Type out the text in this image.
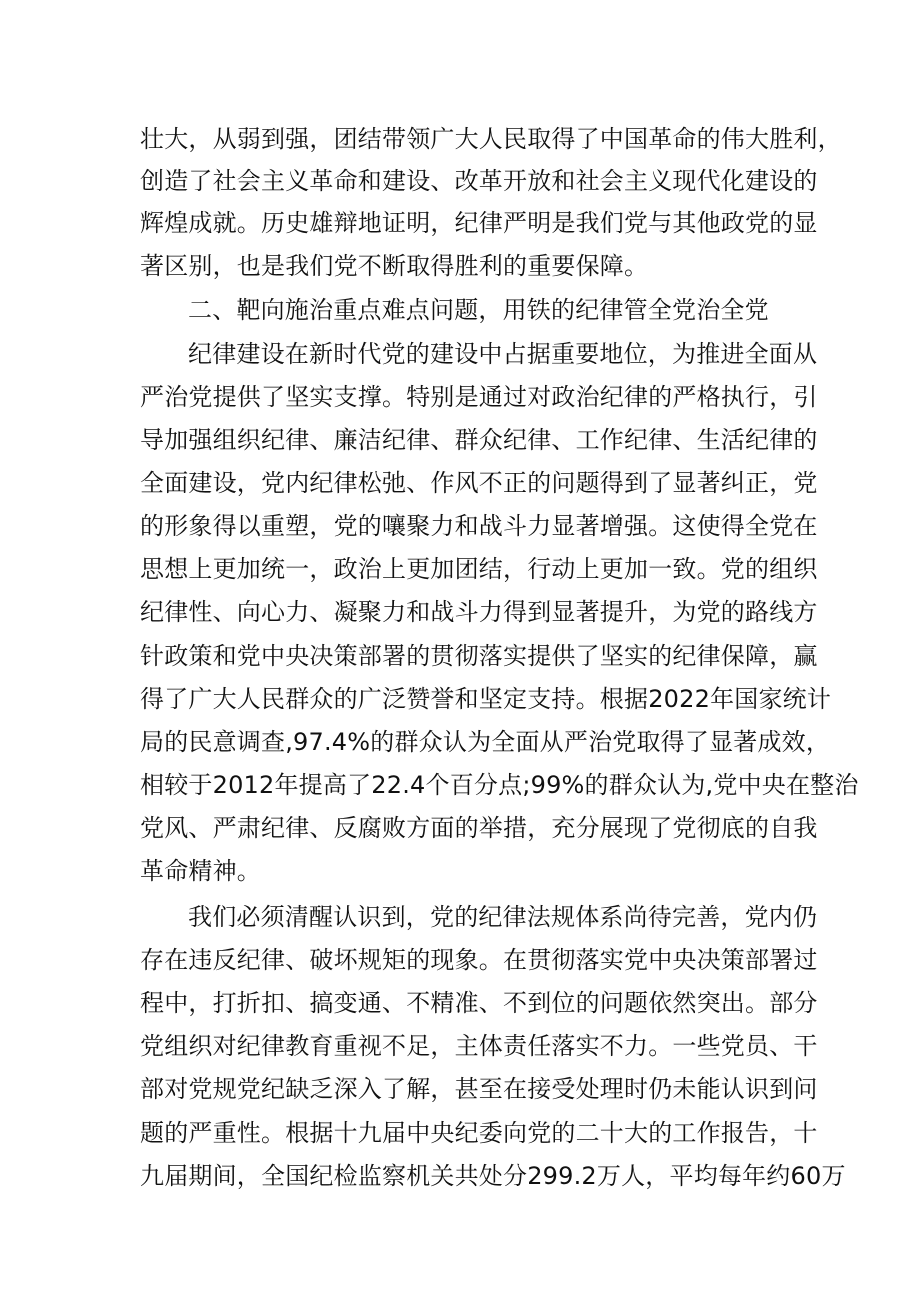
壮大，从弱到强，团结带领广大人民取得了中国革命的伟大胜利，
创造了社会主义革命和建设、改革开放和社会主义现代化建设的
辉煌成就。历史雄辩地证明，纪律严明是我们党与其他政党的显
著区别，也是我们党不断取得胜利的重要保障。
二、靶向施治重点难点问题，用铁的纪律管全党治全党
纪律建设在新时代党的建设中占据重要地位，为推进全面从
严治党提供了坚实支撑。特别是通过对政治纪律的严格执行，引
导加强组织纪律、廉洁纪律、群众纪律、工作纪律、生活纪律的
全面建设，党内纪律松弛、作风不正的问题得到了显著纠正，党
的形象得以重塑，党的嚷聚力和战斗力显著增强。这使得全党在
思想上更加统一，政治上更加团结，行动上更加一致。党的组织
纪律性、向心力、凝聚力和战斗力得到显著提升，为党的路线方
针政策和党中央决策部署的贯彻落实提供了坚实的纪律保障，赢
得了广大人民群众的广泛赞誉和坚定支持。根据2022年国家统计
局的民意调查,97.4%的群众认为全面从严治党取得了显著成效，
相较于2012年提高了22.4个百分点;99%的群众认为,党中央在整治
党风、严肃纪律、反腐败方面的举措，充分展现了党彻底的自我
革命精神。
我们必须清醒认识到，党的纪律法规体系尚待完善，党内仍
存在违反纪律、破坏规矩的现象。在贯彻落实党中央决策部署过
程中，打折扣、搞变通、不精准、不到位的问题依然突出。部分
党组织对纪律教育重视不足，主体责任落实不力。一些党员、干
部对党规党纪缺乏深入了解，甚至在接受处理时仍未能认识到问
题的严重性。根据十九届中央纪委向党的二十大的工作报告，十
九届期间，全国纪检监察机关共处分299.2万人，平均每年约60万
